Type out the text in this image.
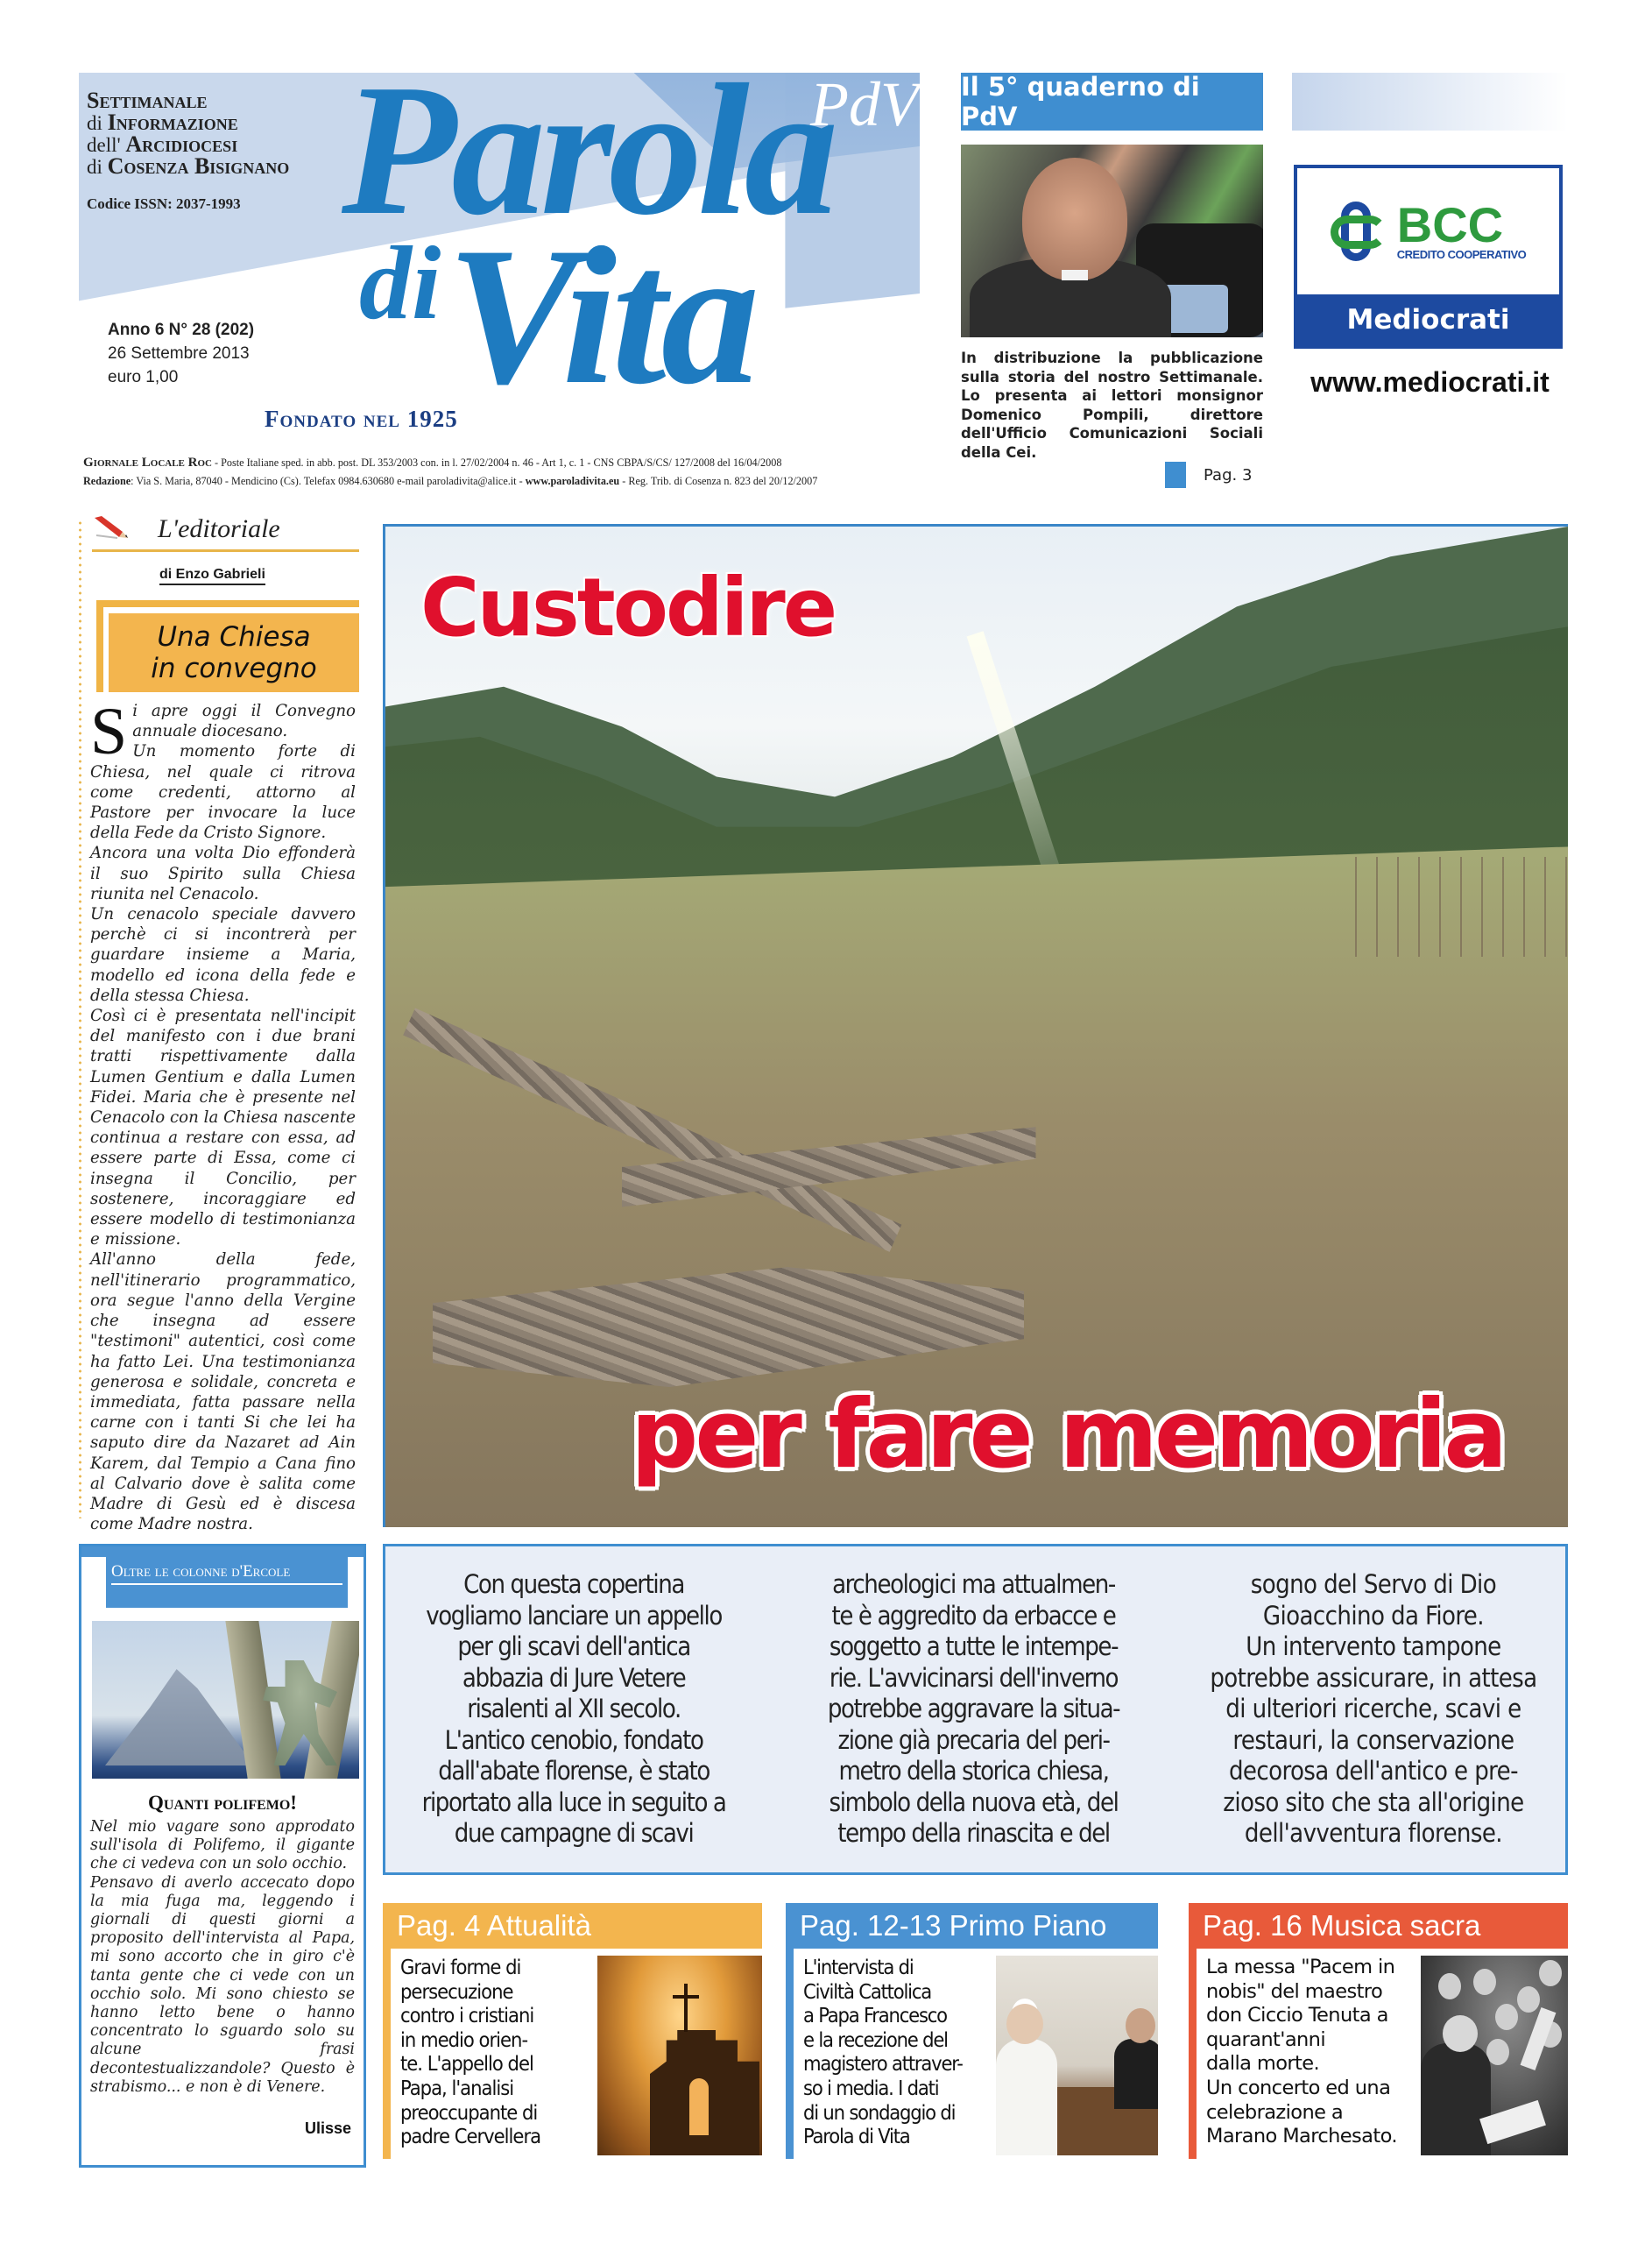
Settimanale
di Informazione
dell' Arcidiocesi
di Cosenza Bisignano
Codice ISSN: 2037-1993 Parola
di Vita
PdV
Anno 6 N° 28 (202)
26 Settembre 2013
euro 1,00
Fondato nel 1925
Giornale Locale Roc - Poste Italiane sped. in abb. post. DL 353/2003 con. in l. 27/02/2004 n. 46 - Art 1, c. 1 - CNS CBPA/S/CS/ 127/2008 del 16/04/2008
Redazione: Via S. Maria, 87040 - Mendicino (Cs). Telefax 0984.630680 e-mail paroladivita@alice.it - www.paroladivita.eu - Reg. Trib. di Cosenza n. 823 del 20/12/2007
Il 5° quaderno di PdV
In distribuzione la pubblicazione sulla storia del nostro Settimanale. Lo presenta ai lettori monsignor Domenico Pompili, direttore dell'Ufficio Comunicazioni Sociali della Cei.
Pag. 3
BCC
CREDITO COOPERATIVO
Mediocrati
www.mediocrati.it
L'editoriale
di Enzo Gabrieli
Una Chiesa
in convegno

Si apre oggi il Convegno annuale diocesano.

Un momento forte di Chiesa, nel quale ci ritrova come credenti, attorno al Pastore per invocare la luce della Fede da Cristo Signore.

Ancora una volta Dio effonderà il suo Spirito sulla Chiesa riunita nel Cenacolo.

Un cenacolo speciale davvero perchè ci si incontrerà per guardare insieme a Maria, modello ed icona della fede e della stessa Chiesa.

Così ci è presentata nell'incipit del manifesto con i due brani tratti rispettivamente dalla Lumen Gentium e dalla Lumen Fidei. Maria che è presente nel Cenacolo con la Chiesa nascente continua a restare con essa, ad essere parte di Essa, come ci insegna il Concilio, per sostenere, incoraggiare ed essere modello di testimonianza e missione.

All'anno della fede, nell'itinerario programmatico, ora segue l'anno della Vergine che insegna ad essere "testimoni" autentici, così come ha fatto Lei. Una testimonianza generosa e solidale, concreta e immediata, fatta passare nella carne con i tanti Si che lei ha saputo dire da Nazaret ad Ain Karem, dal Tempio a Cana fino al Calvario dove è salita come Madre di Gesù ed è discesa come Madre nostra.

Custodire
per fare memoria
Oltre le colonne d'Ercole
Quanti polifemo!

Nel mio vagare sono approdato sull'isola di Polifemo, il gigante che ci vedeva con un solo occhio.

Pensavo di averlo accecato dopo la mia fuga ma, leggendo i giornali di questi giorni a proposito dell'intervista al Papa, mi sono accorto che in giro c'è tanta gente che ci vede con un occhio solo. Mi sono chiesto se hanno letto bene o hanno concentrato lo sguardo solo su alcune frasi decontestualizzandole? Questo è strabismo... e non è di Venere.

Ulisse
Con questa copertina
vogliamo lanciare un appello
per gli scavi dell'antica
abbazia di Jure Vetere
risalenti al XII secolo.
L'antico cenobio, fondato
dall'abate florense, è stato
riportato alla luce in seguito a
due campagne di scavi
archeologici ma attualmen-
te è aggredito da erbacce e
soggetto a tutte le intempe-
rie. L'avvicinarsi dell'inverno
potrebbe aggravare la situa-
zione già precaria del peri-
metro della storica chiesa,
simbolo della nuova età, del
tempo della rinascita e del
sogno del Servo di Dio
Gioacchino da Fiore.
Un intervento tampone
potrebbe assicurare, in attesa
di ulteriori ricerche, scavi e
restauri, la conservazione
decorosa dell'antico e pre-
zioso sito che sta all'origine
dell'avventura florense.
Pag. 4 Attualità
Gravi forme di
persecuzione
contro i cristiani
in medio orien-
te. L'appello del
Papa, l'analisi
preoccupante di
padre Cervellera
Pag. 12-13 Primo Piano
L'intervista di
Civiltà Cattolica
a Papa Francesco
e la recezione del
magistero attraver-
so i media. I dati
di un sondaggio di
Parola di Vita
Pag. 16 Musica sacra
La messa "Pacem in
nobis" del maestro
don Ciccio Tenuta a
quarant'anni
dalla morte.
Un concerto ed una
celebrazione a
Marano Marchesato.
